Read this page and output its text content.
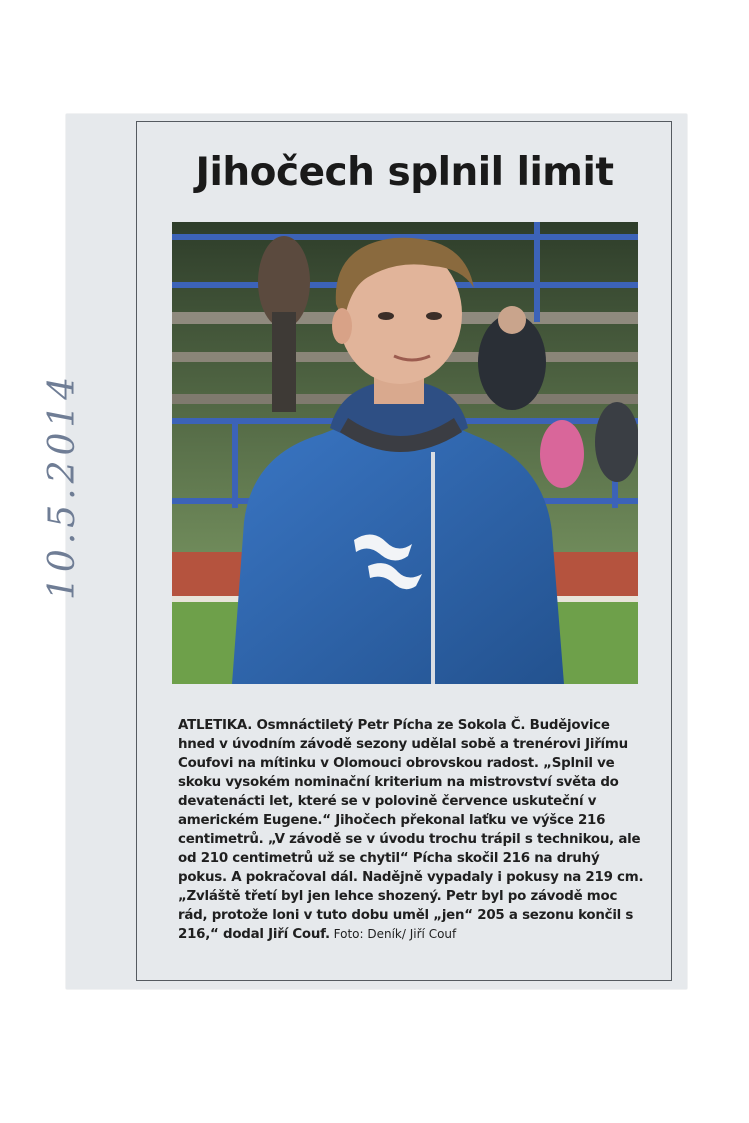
10.5.2014
Jihočech splnil limit
ATLETIKA. Osmnáctiletý Petr Pícha ze Sokola Č. Budějovice hned v úvodním závodě sezony udělal sobě a trenérovi Jiřímu Coufovi na mítinku v Olomouci obrovskou radost. „Splnil ve skoku vysokém nominační kriterium na mistrovství světa do devatenácti let, které se v polovině července uskuteční v americkém Eugene.“ Jihočech překonal laťku ve výšce 216 centimetrů. „V závodě se v úvodu trochu trápil s technikou, ale od 210 centimetrů už se chytil“ Pícha skočil 216 na druhý pokus. A pokračoval dál. Nadějně vypadaly i pokusy na 219 cm. „Zvláště třetí byl jen lehce shozený. Petr byl po závodě moc rád, protože loni v tuto dobu uměl „jen“ 205 a sezonu končil s 216,“ dodal Jiří Couf. Foto: Deník/ Jiří Couf
